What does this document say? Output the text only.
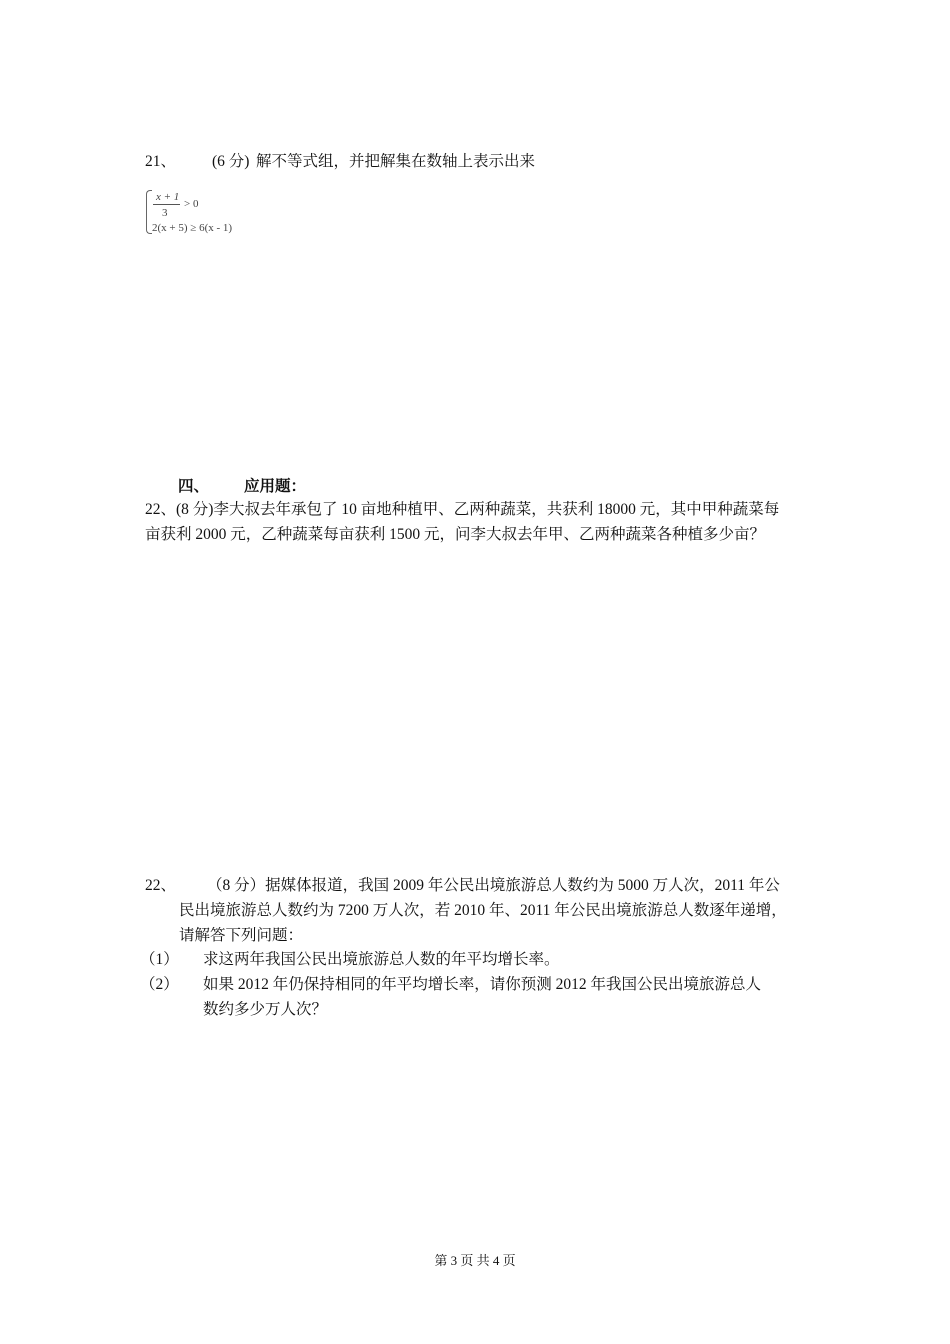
21、 (6 分) 解不等式组，并把解集在数轴上表示出来
x + 1
3
> 0
2(x + 5) ≥ 6(x - 1)
四、 应用题：
22、(8 分)李大叔去年承包了 10 亩地种植甲、乙两种蔬菜，共获利 18000 元，其中甲种蔬菜每
亩获利 2000 元，乙种蔬菜每亩获利 1500 元，问李大叔去年甲、乙两种蔬菜各种植多少亩？
22、 （8 分）据媒体报道，我国 2009 年公民出境旅游总人数约为 5000 万人次，2011 年公
民出境旅游总人数约为 7200 万人次，若 2010 年、2011 年公民出境旅游总人数逐年递增，
请解答下列问题：
（1） 求这两年我国公民出境旅游总人数的年平均增长率。
（2） 如果 2012 年仍保持相同的年平均增长率，请你预测 2012 年我国公民出境旅游总人
数约多少万人次？
第 3 页 共 4 页
